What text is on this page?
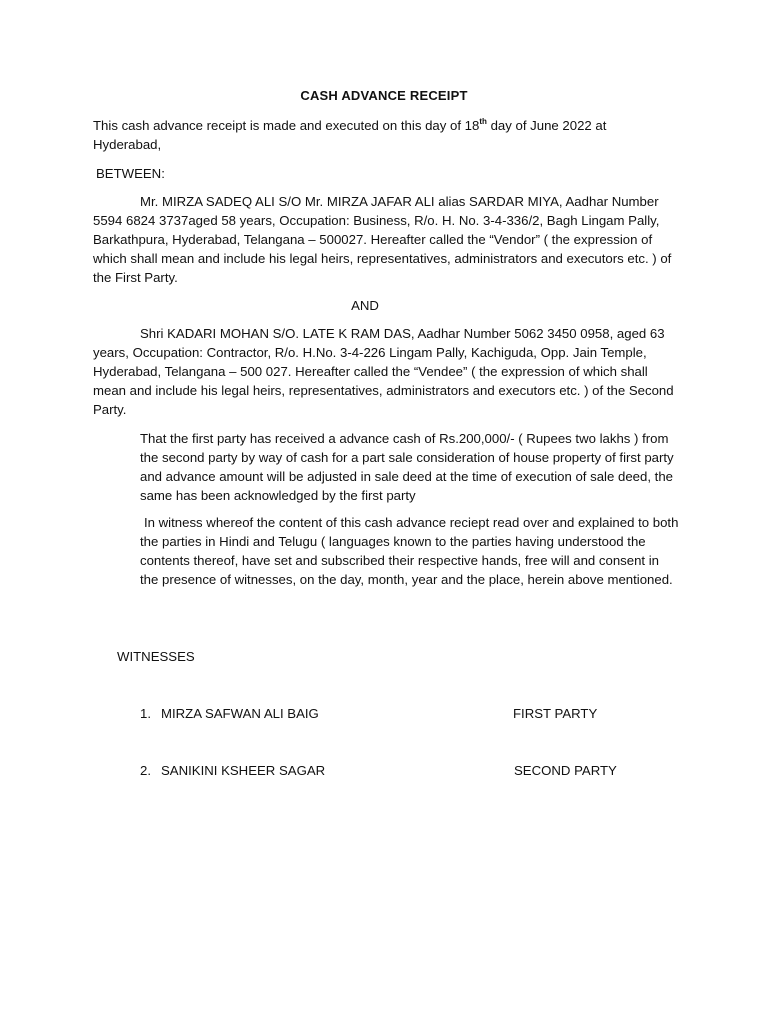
CASH ADVANCE RECEIPT

This cash advance receipt is made and executed on this day of 18th day of June 2022 at Hyderabad,

BETWEEN:

Mr. MIRZA SADEQ ALI S/O Mr. MIRZA JAFAR ALI alias SARDAR MIYA, Aadhar Number 5594 6824 3737aged 58 years, Occupation: Business, R/o. H. No. 3-4-336/2, Bagh Lingam Pally, Barkathpura, Hyderabad, Telangana – 500027. Hereafter called the “Vendor” ( the expression of which shall mean and include his legal heirs, representatives, administrators and executors etc. ) of the First Party.

AND

Shri KADARI MOHAN S/O. LATE K RAM DAS, Aadhar Number 5062 3450 0958, aged 63 years, Occupation: Contractor, R/o. H.No. 3-4-226 Lingam Pally, Kachiguda, Opp. Jain Temple, Hyderabad, Telangana – 500 027. Hereafter called the “Vendee” ( the expression of which shall mean and include his legal heirs, representatives, administrators and executors etc. ) of the Second Party.

That the first party has received a advance cash of Rs.200,000/- ( Rupees two lakhs ) from the second party by way of cash for a part sale consideration of house property of first party and advance amount will be adjusted in sale deed at the time of execution of sale deed, the same has been acknowledged by the first party

In witness whereof the content of this cash advance reciept read over and explained to both the parties in Hindi and Telugu ( languages known to the parties having understood the contents thereof, have set and subscribed their respective hands, free will and consent in the presence of witnesses, on the day, month, year and the place, herein above mentioned.

WITNESSES

1. MIRZA SAFWAN ALI BAIG	FIRST PARTY
2. SANIKINI KSHEER SAGAR	SECOND PARTY
